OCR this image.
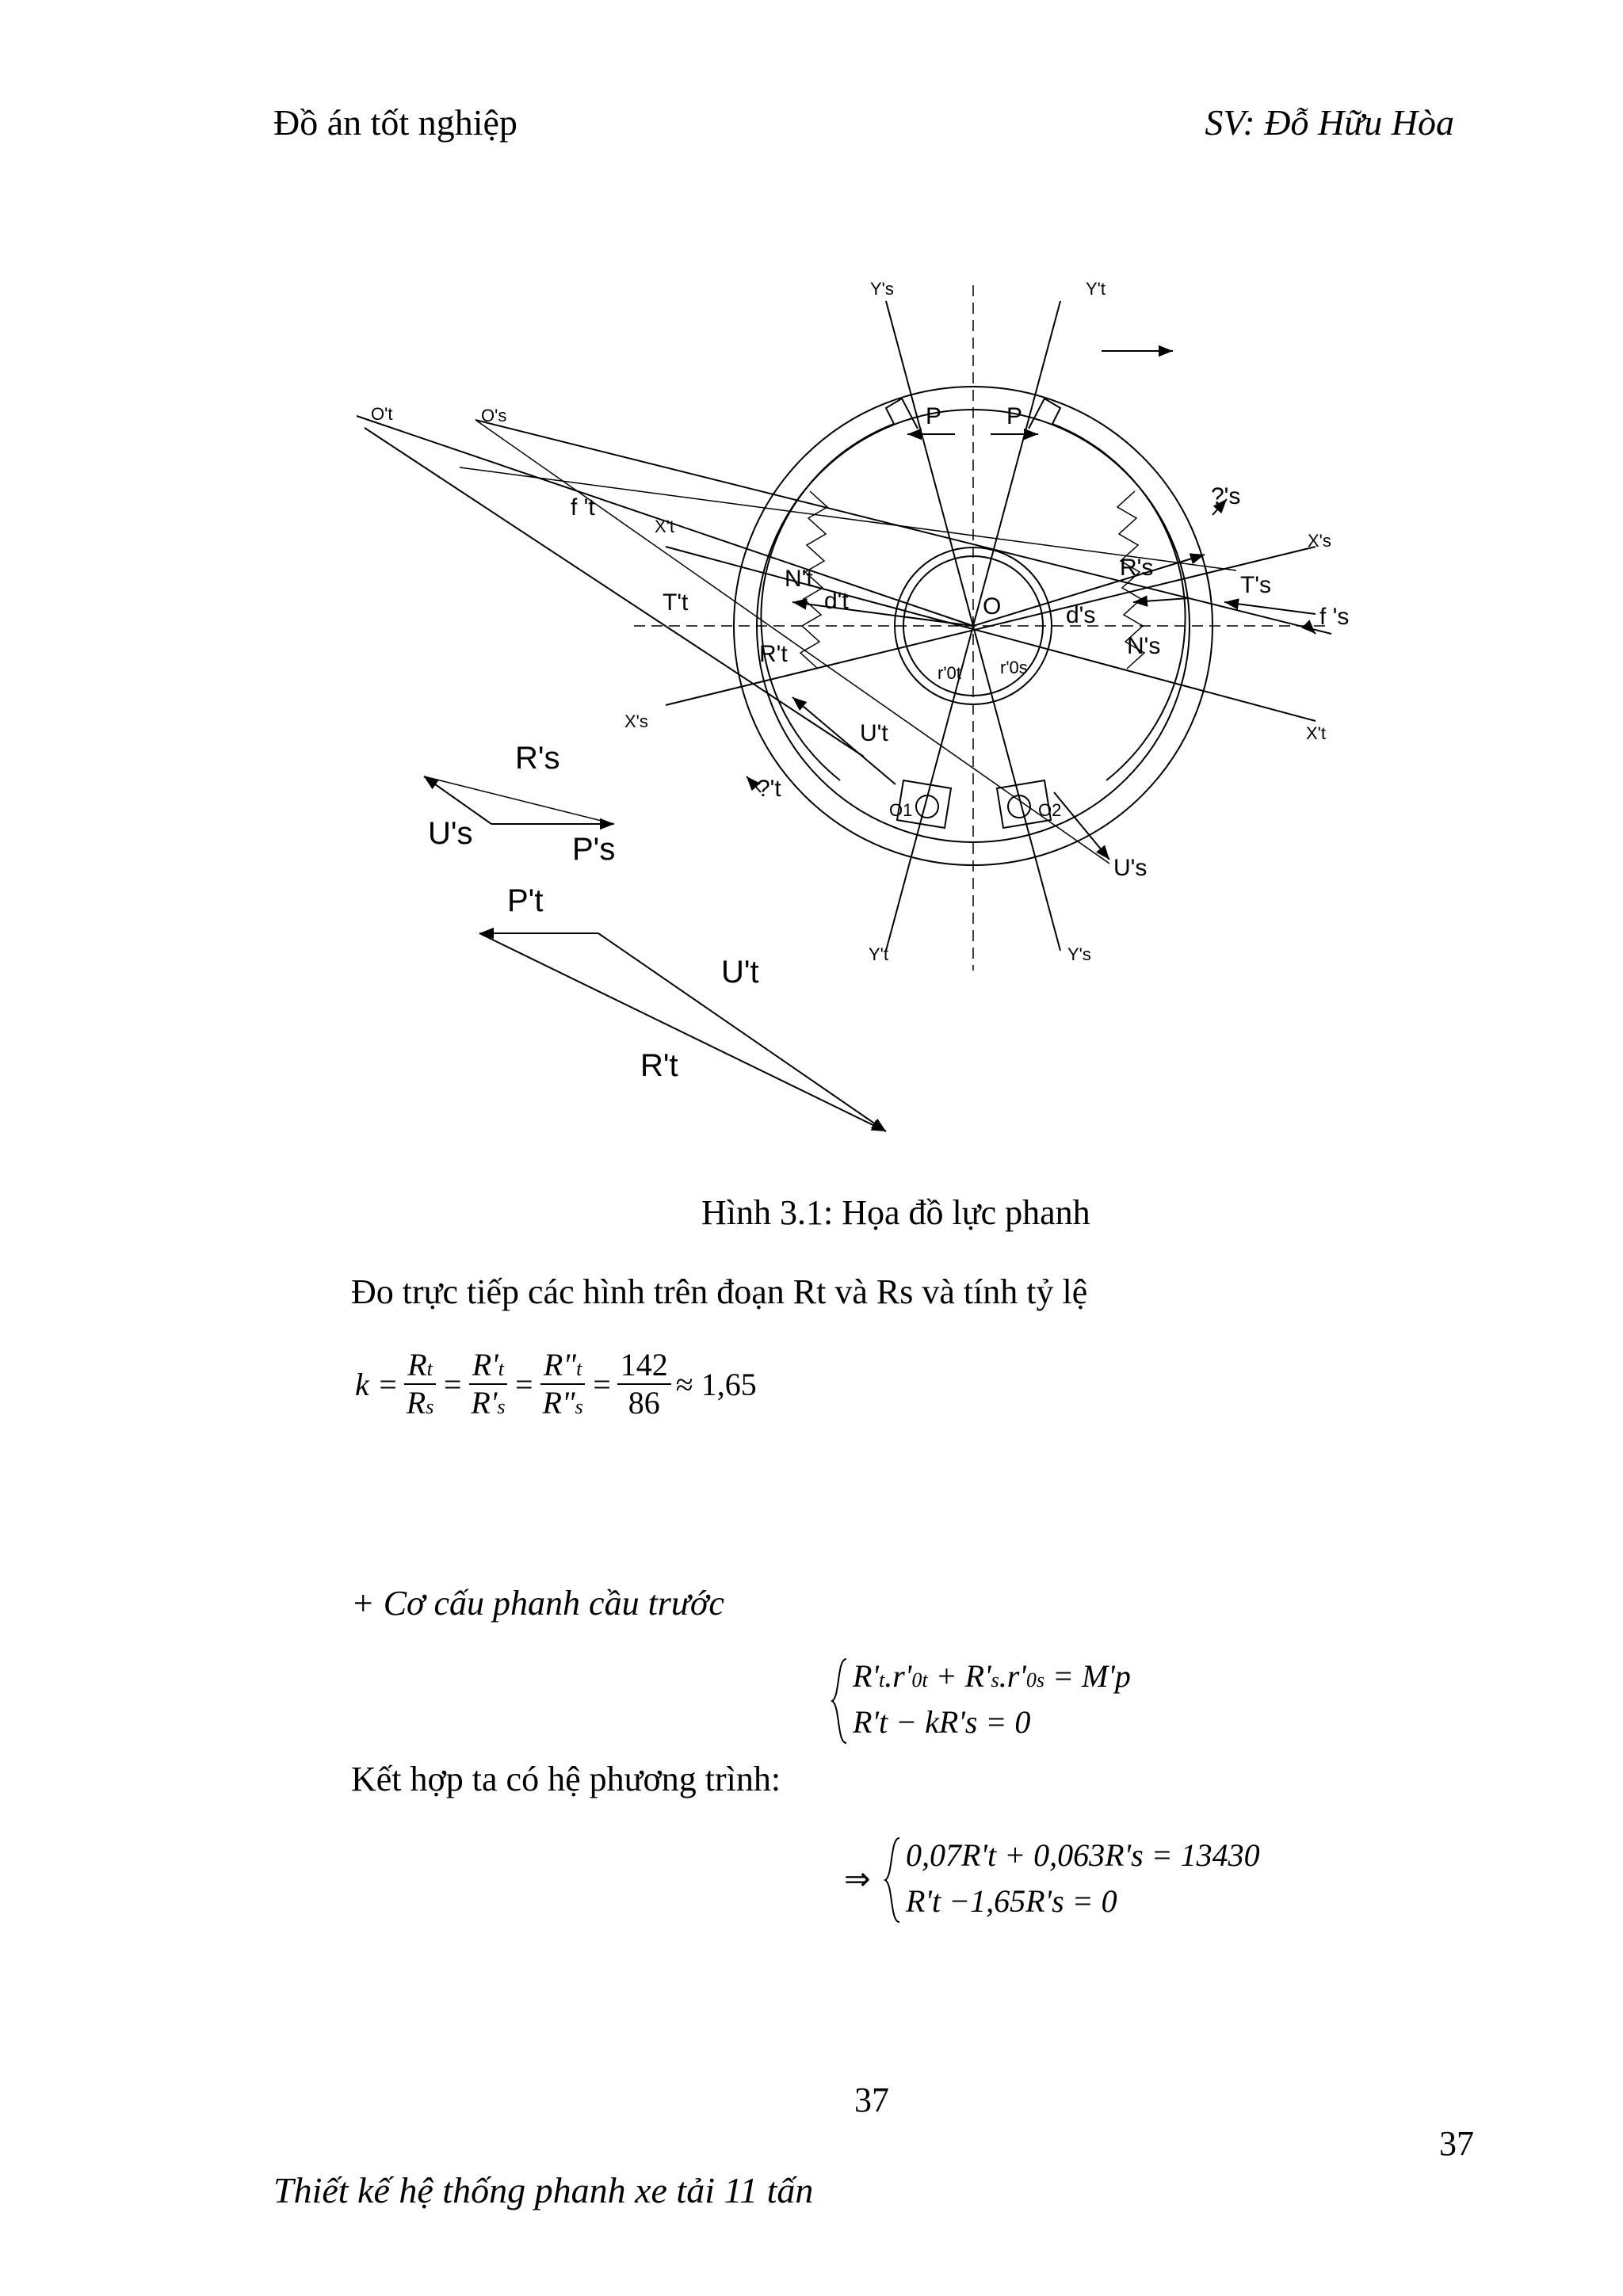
Đồ án tốt nghiệp	SV: Đỗ Hữu Hòa
Y's	Y't
O't	O's	P	P
f 't
X't
?'s
X's
R's
T's
f 's
N't
d't	O	d's
T't
R't	N's
r'0t r'0s
X's	U't	X't
?'t
O1	O2
U's
Y't	Y's
R's
U's	P's
P't
U't
R't
Hình 3.1: Họa đồ lực phanh
Đo trực tiếp các hình trên đoạn Rt và Rs và tính tỷ lệ
$k = \frac{Rt}{Rs} = \frac{R't}{R's} = \frac{R"t}{R"s} = \frac{142}{86} \approx 1,65$
+ Cơ cấu phanh cầu trước
R't.r'0t + R's.r'0s = M'p
R't − kR's = 0
Kết hợp ta có hệ phương trình:
⇒
0,07R't + 0,063R's = 13430
R't −1,65R's = 0
37
37
Thiết kế hệ thống phanh xe tải 11 tấn
